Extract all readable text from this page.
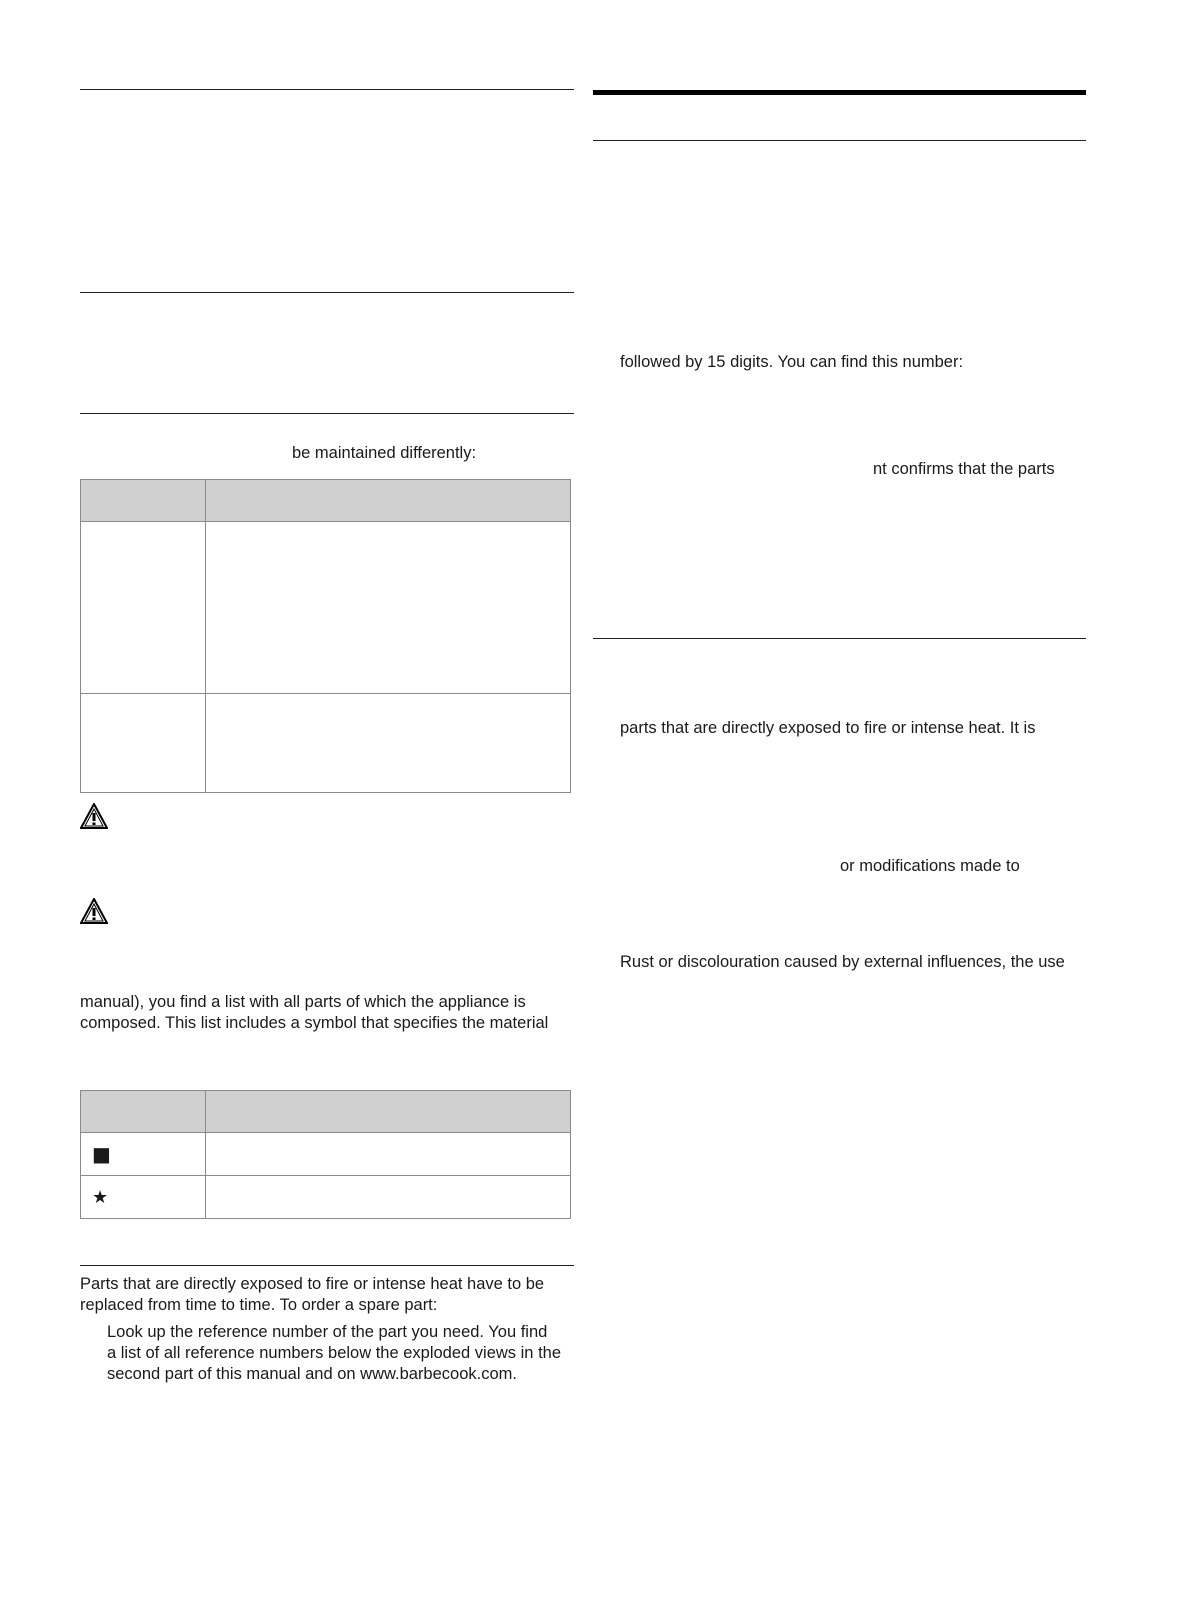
be maintained differently:

manual), you find a list with all parts of which the appliance is
composed. This list includes a symbol that specifies the material

■	
★	
Parts that are directly exposed to fire or intense heat have to be
replaced from time to time. To order a spare part:
Look up the reference number of the part you need. You find
a list of all reference numbers below the exploded views in the
second part of this manual and on www.barbecook.com.
followed by 15 digits. You can find this number:
nt confirms that the parts
parts that are directly exposed to fire or intense heat. It is
or modifications made to
Rust or discolouration caused by external influences, the use
